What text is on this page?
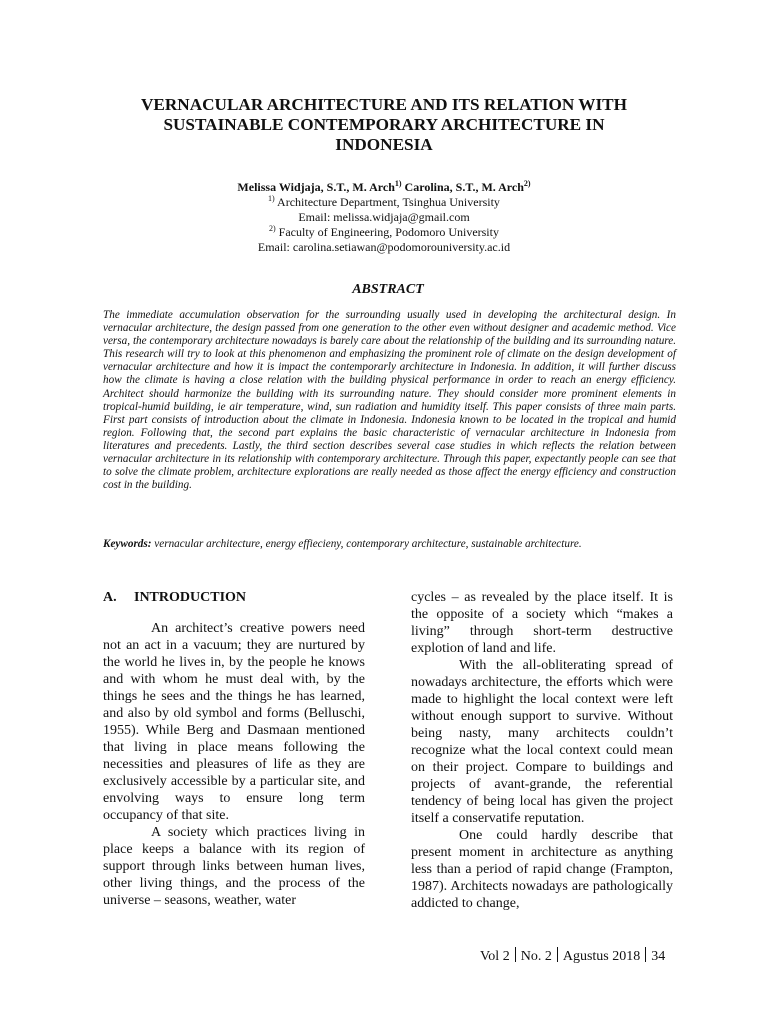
VERNACULAR ARCHITECTURE AND ITS RELATION WITH
SUSTAINABLE CONTEMPORARY ARCHITECTURE IN
INDONESIA
Melissa Widjaja, S.T., M. Arch$^{1)}$ Carolina, S.T., M. Arch$^{2)}$
$^{1)}$ Architecture Department, Tsinghua University
Email: melissa.widjaja@gmail.com
$^{2)}$ Faculty of Engineering, Podomoro University
Email: carolina.setiawan@podomorouniversity.ac.id
ABSTRACT

The immediate accumulation observation for the surrounding usually used in developing the architectural design. In vernacular architecture, the design passed from one generation to the other even without designer and academic method. Vice versa, the contemporary architecture nowadays is barely care about the relationship of the building and its surrounding nature. This research will try to look at this phenomenon and emphasizing the prominent role of climate on the design development of vernacular architecture and how it is impact the contemporarly architecture in Indonesia. In addition, it will further discuss how the climate is having a close relation with the building physical performance in order to reach an energy efficiency. Architect should harmonize the building with its surrounding nature. They should consider more prominent elements in tropical-humid building, ie air temperature, wind, sun radiation and humidity itself. This paper consists of three main parts. First part consists of introduction about the climate in Indonesia. Indonesia known to be located in the tropical and humid region. Following that, the second part explains the basic characteristic of vernacular architecture in Indonesia from literatures and precedents. Lastly, the third section describes several case studies in which reflects the relation between vernacular architecture in its relationship with contemporary architecture. Through this paper, expectantly people can see that to solve the climate problem, architecture explorations are really needed as those affect the energy efficiency and construction cost in the building.

Keywords: vernacular architecture, energy effiecieny, contemporary architecture, sustainable architecture.

A. INTRODUCTION

An architect’s creative powers need not an act in a vacuum; they are nurtured by the world he lives in, by the people he knows and with whom he must deal with, by the things he sees and the things he has learned, and also by old symbol and forms (Belluschi, 1955). While Berg and Dasmaan mentioned that living in place means following the necessities and pleasures of life as they are exclusively accessible by a particular site, and envolving ways to ensure long term occupancy of that site.

A society which practices living in place keeps a balance with its region of support through links between human lives, other living things, and the process of the universe – seasons, weather, water

cycles – as revealed by the place itself. It is the opposite of a society which “makes a living” through short-term destructive explotion of land and life.

With the all-obliterating spread of nowadays architecture, the efforts which were made to highlight the local context were left without enough support to survive. Without being nasty, many architects couldn’t recognize what the local context could mean on their project. Compare to buildings and projects of avant-grande, the referential tendency of being local has given the project itself a conservatife reputation.

One could hardly describe that present moment in architecture as anything less than a period of rapid change (Frampton, 1987). Architects nowadays are pathologically addicted to change,

Vol 2 No. 2 Agustus 2018 34
